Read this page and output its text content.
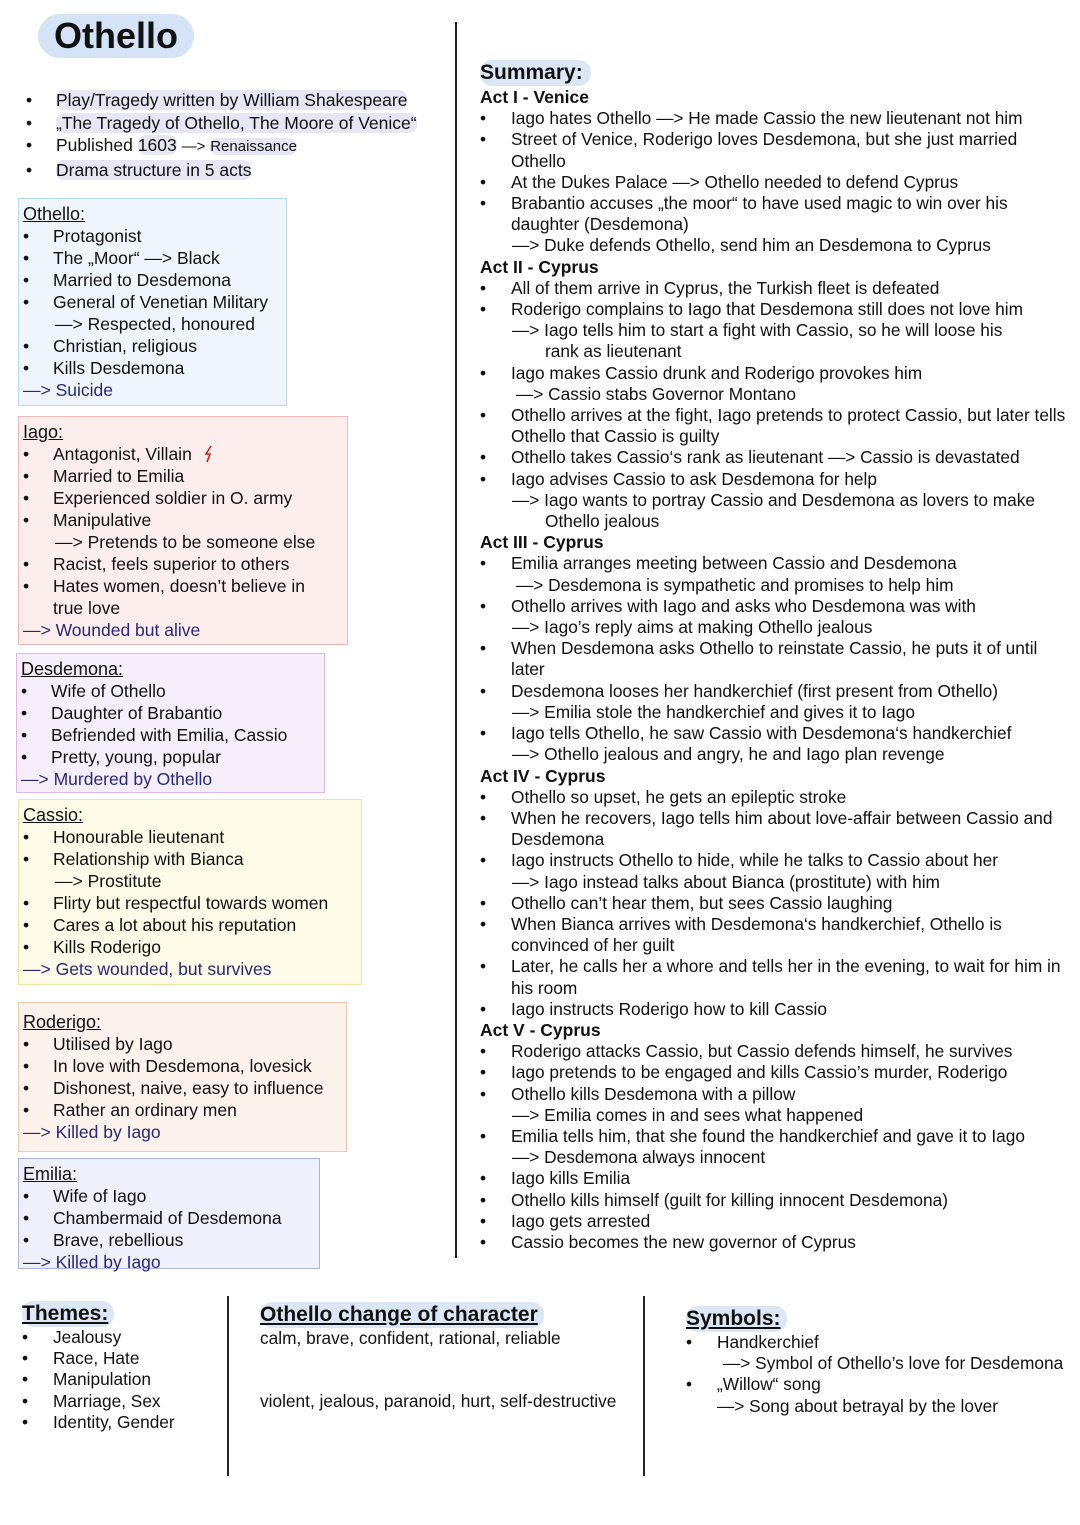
Othello
• Play/Tragedy written by William Shakespeare
• „The Tragedy of Othello, The Moore of Venice“
• Published 1603 —> Renaissance
• Drama structure in 5 acts
Othello:
• Protagonist
• The „Moor“ —> Black
• Married to Desdemona
• General of Venetian Military
—> Respected, honoured
• Christian, religious
• Kills Desdemona
—> Suicide
Iago:
• Antagonist, Villain
• Married to Emilia
• Experienced soldier in O. army
• Manipulative
—> Pretends to be someone else
• Racist, feels superior to others
• Hates women, doesn’t believe in
true love
—> Wounded but alive
Desdemona:
• Wife of Othello
• Daughter of Brabantio
• Befriended with Emilia, Cassio
• Pretty, young, popular
—> Murdered by Othello
Cassio:
• Honourable lieutenant
• Relationship with Bianca
—> Prostitute
• Flirty but respectful towards women
• Cares a lot about his reputation
• Kills Roderigo
—> Gets wounded, but survives
Roderigo:
• Utilised by Iago
• In love with Desdemona, lovesick
• Dishonest, naive, easy to influence
• Rather an ordinary men
—> Killed by Iago
Emilia:
• Wife of Iago
• Chambermaid of Desdemona
• Brave, rebellious
—> Killed by Iago
Summary:
Act I - Venice
• Iago hates Othello —> He made Cassio the new lieutenant not him
• Street of Venice, Roderigo loves Desdemona, but she just married Othello
• At the Dukes Palace —> Othello needed to defend Cyprus
• Brabantio accuses „the moor“ to have used magic to win over his daughter (Desdemona)
—> Duke defends Othello, send him an Desdemona to Cyprus
Act II - Cyprus
• All of them arrive in Cyprus, the Turkish fleet is defeated
• Roderigo complains to Iago that Desdemona still does not love him
—> Iago tells him to start a fight with Cassio, so he will loose his
rank as lieutenant
• Iago makes Cassio drunk and Roderigo provokes him
—> Cassio stabs Governor Montano
• Othello arrives at the fight, Iago pretends to protect Cassio, but later tells Othello that Cassio is guilty
• Othello takes Cassio‘s rank as lieutenant —> Cassio is devastated
• Iago advises Cassio to ask Desdemona for help
—> Iago wants to portray Cassio and Desdemona as lovers to make
Othello jealous
Act III - Cyprus
• Emilia arranges meeting between Cassio and Desdemona
—> Desdemona is sympathetic and promises to help him
• Othello arrives with Iago and asks who Desdemona was with
—> Iago’s reply aims at making Othello jealous
• When Desdemona asks Othello to reinstate Cassio, he puts it of until later
• Desdemona looses her handkerchief (first present from Othello)
—> Emilia stole the handkerchief and gives it to Iago
• Iago tells Othello, he saw Cassio with Desdemona‘s handkerchief
—> Othello jealous and angry, he and Iago plan revenge
Act IV - Cyprus
• Othello so upset, he gets an epileptic stroke
• When he recovers, Iago tells him about love-affair between Cassio and Desdemona
• Iago instructs Othello to hide, while he talks to Cassio about her
—> Iago instead talks about Bianca (prostitute) with him
• Othello can’t hear them, but sees Cassio laughing
• When Bianca arrives with Desdemona‘s handkerchief, Othello is convinced of her guilt
• Later, he calls her a whore and tells her in the evening, to wait for him in his room
• Iago instructs Roderigo how to kill Cassio
Act V - Cyprus
• Roderigo attacks Cassio, but Cassio defends himself, he survives
• Iago pretends to be engaged and kills Cassio’s murder, Roderigo
• Othello kills Desdemona with a pillow
—> Emilia comes in and sees what happened
• Emilia tells him, that she found the handkerchief and gave it to Iago
—> Desdemona always innocent
• Iago kills Emilia
• Othello kills himself (guilt for killing innocent Desdemona)
• Iago gets arrested
• Cassio becomes the new governor of Cyprus
Themes:
• Jealousy
• Race, Hate
• Manipulation
• Marriage, Sex
• Identity, Gender
Othello change of character
calm, brave, confident, rational, reliable
violent, jealous, paranoid, hurt, self-destructive
Symbols:
• Handkerchief
—> Symbol of Othello’s love for Desdemona
• „Willow“ song
—> Song about betrayal by the lover
